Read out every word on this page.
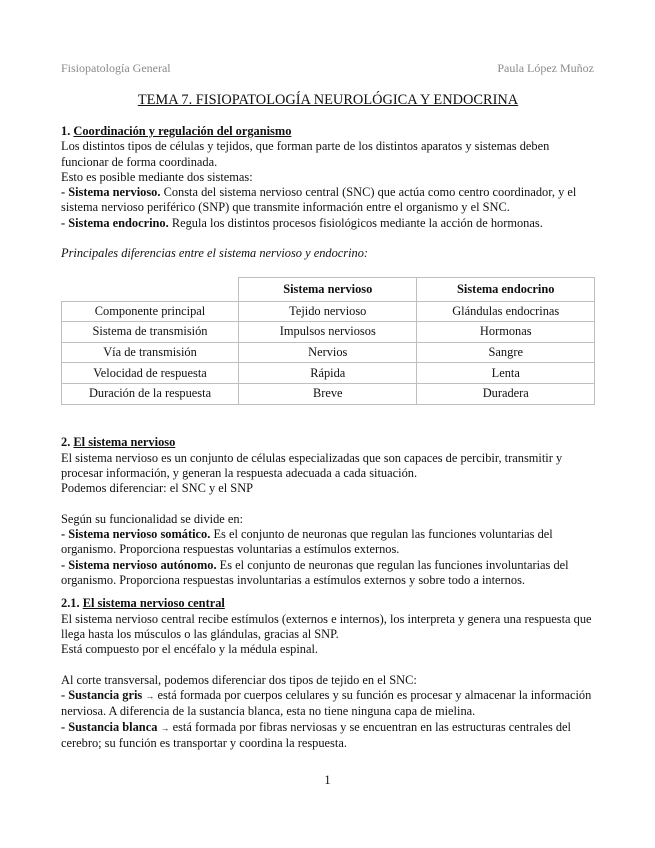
Fisiopatología General	Paula López Muñoz
TEMA 7. FISIOPATOLOGÍA NEUROLÓGICA Y ENDOCRINA

1. Coordinación y regulación del organismo

Los distintos tipos de células y tejidos, que forman parte de los distintos aparatos y sistemas deben funcionar de forma coordinada.

Esto es posible mediante dos sistemas:

- Sistema nervioso. Consta del sistema nervioso central (SNC) que actúa como centro coordinador, y el sistema nervioso periférico (SNP) que transmite información entre el organismo y el SNC.

- Sistema endocrino. Regula los distintos procesos fisiológicos mediante la acción de hormonas.

Principales diferencias entre el sistema nervioso y endocrino:

	Sistema nervioso	Sistema endocrino
Componente principal	Tejido nervioso	Glándulas endocrinas
Sistema de transmisión	Impulsos nerviosos	Hormonas
Vía de transmisión	Nervios	Sangre
Velocidad de respuesta	Rápida	Lenta
Duración de la respuesta	Breve	Duradera

2. El sistema nervioso

El sistema nervioso es un conjunto de células especializadas que son capaces de percibir, transmitir y procesar información, y generan la respuesta adecuada a cada situación.

Podemos diferenciar: el SNC y el SNP

Según su funcionalidad se divide en:

- Sistema nervioso somático. Es el conjunto de neuronas que regulan las funciones voluntarias del organismo. Proporciona respuestas voluntarias a estímulos externos.

- Sistema nervioso autónomo. Es el conjunto de neuronas que regulan las funciones involuntarias del organismo. Proporciona respuestas involuntarias a estímulos externos y sobre todo a internos.

2.1. El sistema nervioso central

El sistema nervioso central recibe estímulos (externos e internos), los interpreta y genera una respuesta que llega hasta los músculos o las glándulas, gracias al SNP.

Está compuesto por el encéfalo y la médula espinal.

Al corte transversal, podemos diferenciar dos tipos de tejido en el SNC:

- Sustancia gris → está formada por cuerpos celulares y su función es procesar y almacenar la información nerviosa. A diferencia de la sustancia blanca, esta no tiene ninguna capa de mielina.

- Sustancia blanca → está formada por fibras nerviosas y se encuentran en las estructuras centrales del cerebro; su función es transportar y coordina la respuesta.

1
